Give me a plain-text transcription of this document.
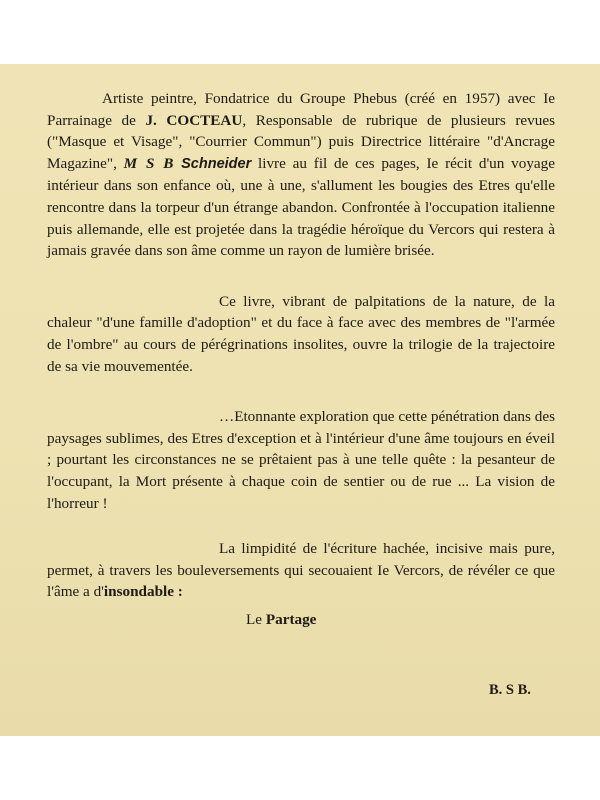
Artiste peintre, Fondatrice du Groupe Phebus (créé en 1957) avec Ie Parrainage de J. COCTEAU, Responsable de rubrique de plusieurs revues ("Masque et Visage", "Courrier Commun") puis Directrice littéraire "d'Ancrage Magazine", M S B Schneider livre au fil de ces pages, Ie récit d'un voyage intérieur dans son enfance où, une à une, s'allument les bougies des Etres qu'elle rencontre dans la torpeur d'un étrange abandon. Confrontée à l'occupation italienne puis allemande, elle est projetée dans la tragédie héroïque du Vercors qui restera à jamais gravée dans son âme comme un rayon de lumière brisée.

Ce livre, vibrant de palpitations de la nature, de la chaleur "d'une famille d'adoption" et du face à face avec des membres de "l'armée de l'ombre" au cours de pérégrinations insolites, ouvre la trilogie de la trajectoire de sa vie mouvementée.

…Etonnante exploration que cette pénétration dans des paysages sublimes, des Etres d'exception et à l'intérieur d'une âme toujours en éveil ; pourtant les circonstances ne se prêtaient pas à une telle quête : la pesanteur de l'occupant, la Mort présente à chaque coin de sentier ou de rue ... La vision de l'horreur !

La limpidité de l'écriture hachée, incisive mais pure, permet, à travers les bouleversements qui secouaient Ie Vercors, de révéler ce que l'âme a d'insondable :

Le Partage

B. S B.
